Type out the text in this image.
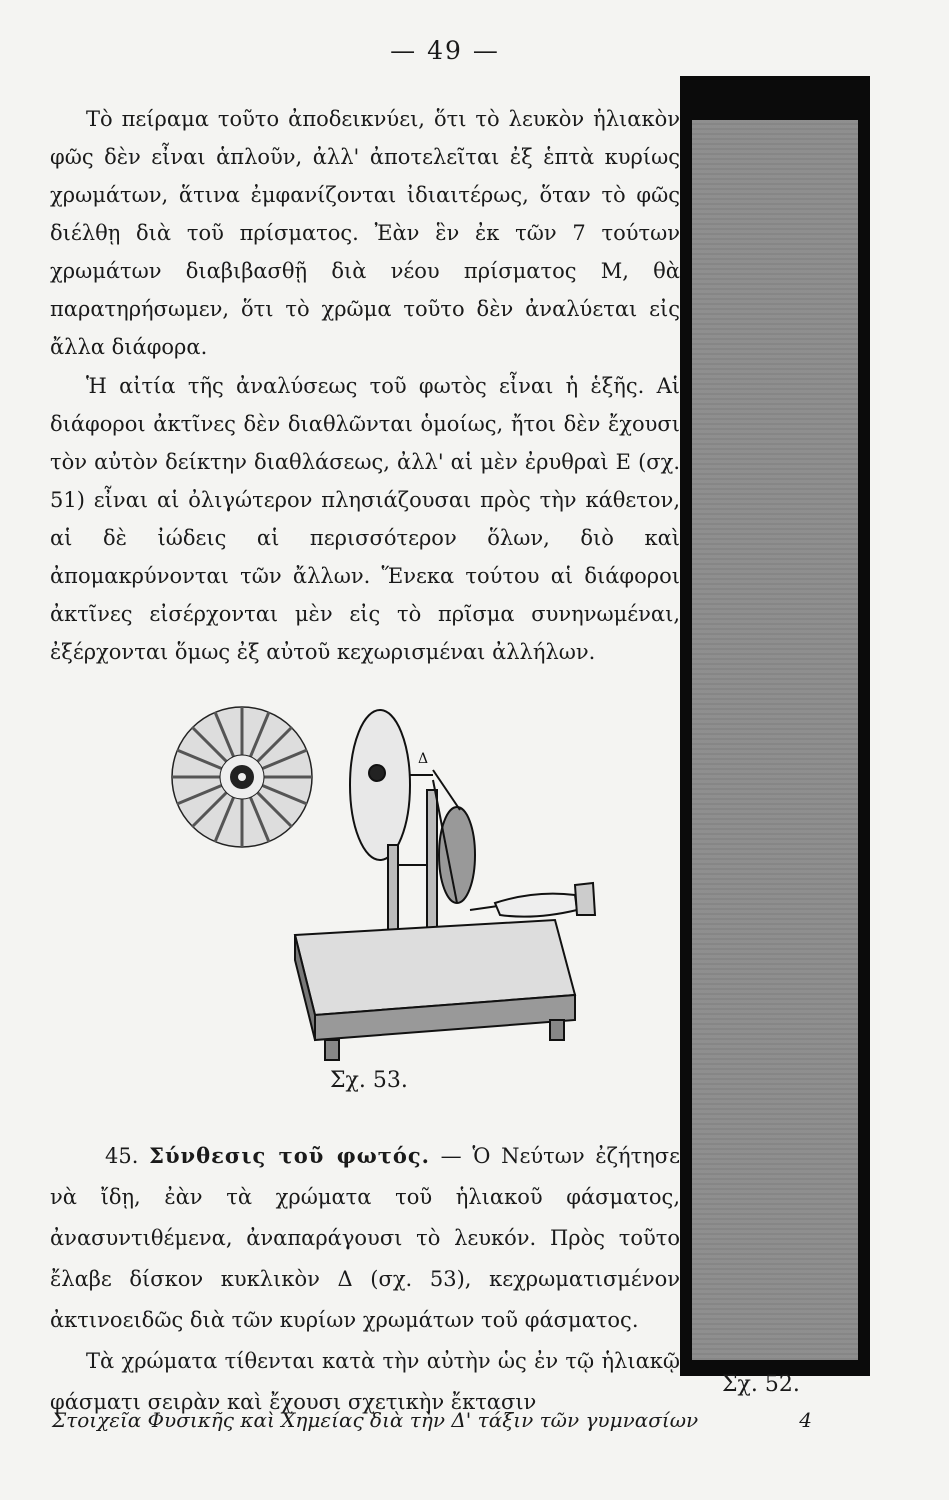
— 49 —

Τὸ πείραμα τοῦτο ἀποδεικνύει, ὅτι τὸ λευκὸν ἡλιακὸν φῶς δὲν εἶναι ἁπλοῦν, ἀλλ' ἀποτελεῖται ἐξ ἑπτὰ κυρίως χρωμάτων, ἅτινα ἐμφανίζονται ἰδιαιτέρως, ὅταν τὸ φῶς διέλθῃ διὰ τοῦ πρίσματος. Ἐὰν ἓν ἐκ τῶν 7 τούτων χρωμάτων διαβιβασθῇ διὰ νέου πρίσματος Μ, θὰ παρατηρήσωμεν, ὅτι τὸ χρῶμα τοῦτο δὲν ἀναλύεται εἰς ἄλλα διάφορα.

Ἡ αἰτία τῆς ἀναλύσεως τοῦ φωτὸς εἶναι ἡ ἑξῆς. Αἱ διάφοροι ἀκτῖνες δὲν διαθλῶνται ὁμοίως, ἤτοι δὲν ἔχουσι τὸν αὐτὸν δείκτην διαθλάσεως, ἀλλ' αἱ μὲν ἐρυθραὶ Ε (σχ. 51) εἶναι αἱ ὀλιγώτερον πλησιάζουσαι πρὸς τὴν κάθετον, αἱ δὲ ἰώδεις αἱ περισσότερον ὅλων, διὸ καὶ ἀπομακρύνονται τῶν ἄλλων. Ἕνεκα τούτου αἱ διάφοροι ἀκτῖνες εἰσέρχονται μὲν εἰς τὸ πρῖσμα συνηνωμέναι, ἐξέρχονται ὅμως ἐξ αὐτοῦ κεχωρισμέναι ἀλλήλων.

Σχ. 52.
Δ
Σχ. 53.

45. Σύνθεσις τοῦ φωτός. — Ὁ Νεύτων ἐζήτησε νὰ ἴδῃ, ἐὰν τὰ χρώματα τοῦ ἡλιακοῦ φάσματος, ἀνασυντιθέμενα, ἀναπαράγουσι τὸ λευκόν. Πρὸς τοῦτο ἔλαβε δίσκον κυκλικὸν Δ (σχ. 53), κεχρωματισμένον ἀκτινοειδῶς διὰ τῶν κυρίων χρωμάτων τοῦ φάσματος.

Τὰ χρώματα τίθενται κατὰ τὴν αὐτὴν ὡς ἐν τῷ ἡλιακῷ φάσματι σειρὰν καὶ ἔχουσι σχετικὴν ἔκτασιν

Στοιχεῖα Φυσικῆς καὶ Χημείας διὰ τὴν Δ' τάξιν τῶν γυμνασίων	4
